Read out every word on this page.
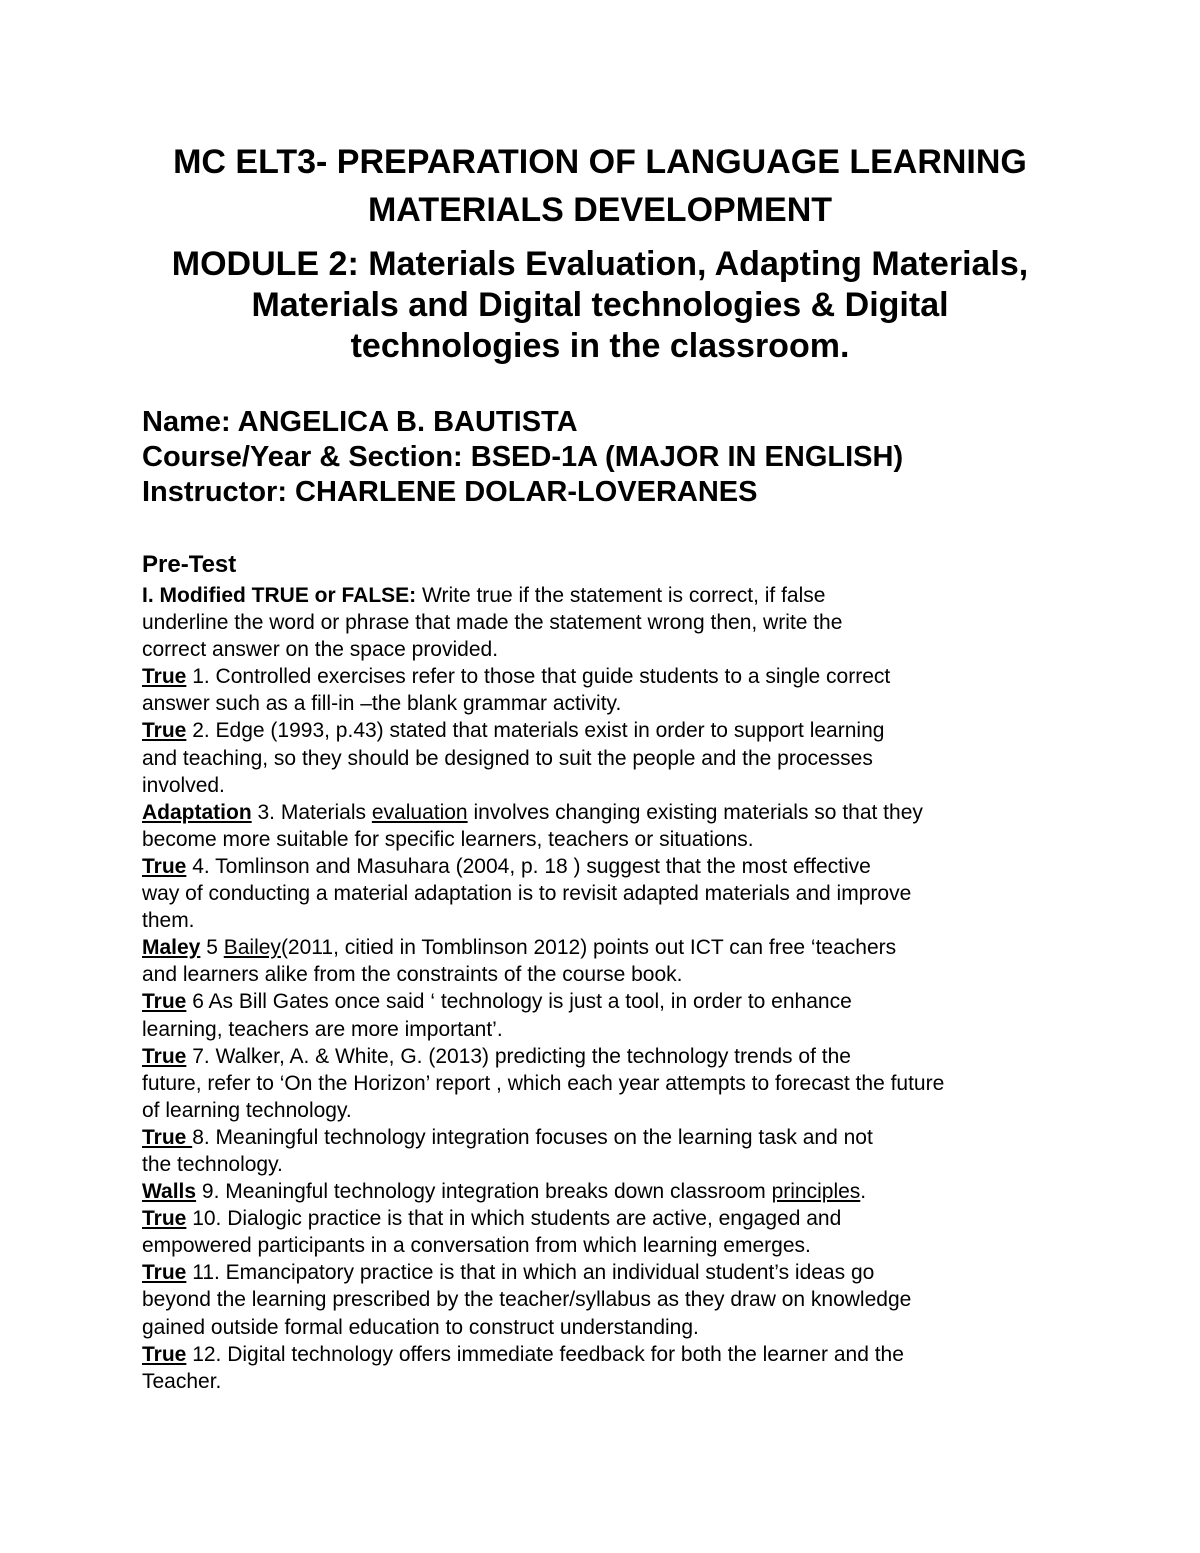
MC ELT3- PREPARATION OF LANGUAGE LEARNING
MATERIALS DEVELOPMENT
MODULE 2: Materials Evaluation, Adapting Materials,
Materials and Digital technologies & Digital
technologies in the classroom.
Name: ANGELICA B. BAUTISTA
Course/Year & Section: BSED-1A (MAJOR IN ENGLISH)
Instructor: CHARLENE DOLAR-LOVERANES
Pre-Test
I. Modified TRUE or FALSE: Write true if the statement is correct, if false
underline the word or phrase that made the statement wrong then, write the
correct answer on the space provided.
True 1. Controlled exercises refer to those that guide students to a single correct
answer such as a fill-in –the blank grammar activity.
True 2. Edge (1993, p.43) stated that materials exist in order to support learning
and teaching, so they should be designed to suit the people and the processes
involved.
Adaptation 3. Materials evaluation involves changing existing materials so that they
become more suitable for specific learners, teachers or situations.
True 4. Tomlinson and Masuhara (2004, p. 18 ) suggest that the most effective
way of conducting a material adaptation is to revisit adapted materials and improve
them.
Maley 5 Bailey(2011, citied in Tomblinson 2012) points out ICT can free ‘teachers
and learners alike from the constraints of the course book.
True 6 As Bill Gates once said ‘ technology is just a tool, in order to enhance
learning, teachers are more important’.
True 7. Walker, A. & White, G. (2013) predicting the technology trends of the
future, refer to ‘On the Horizon’ report , which each year attempts to forecast the future
of learning technology.
True 8. Meaningful technology integration focuses on the learning task and not
the technology.
Walls 9. Meaningful technology integration breaks down classroom principles.
True 10. Dialogic practice is that in which students are active, engaged and
empowered participants in a conversation from which learning emerges.
True 11. Emancipatory practice is that in which an individual student’s ideas go
beyond the learning prescribed by the teacher/syllabus as they draw on knowledge
gained outside formal education to construct understanding.
True 12. Digital technology offers immediate feedback for both the learner and the
Teacher.
